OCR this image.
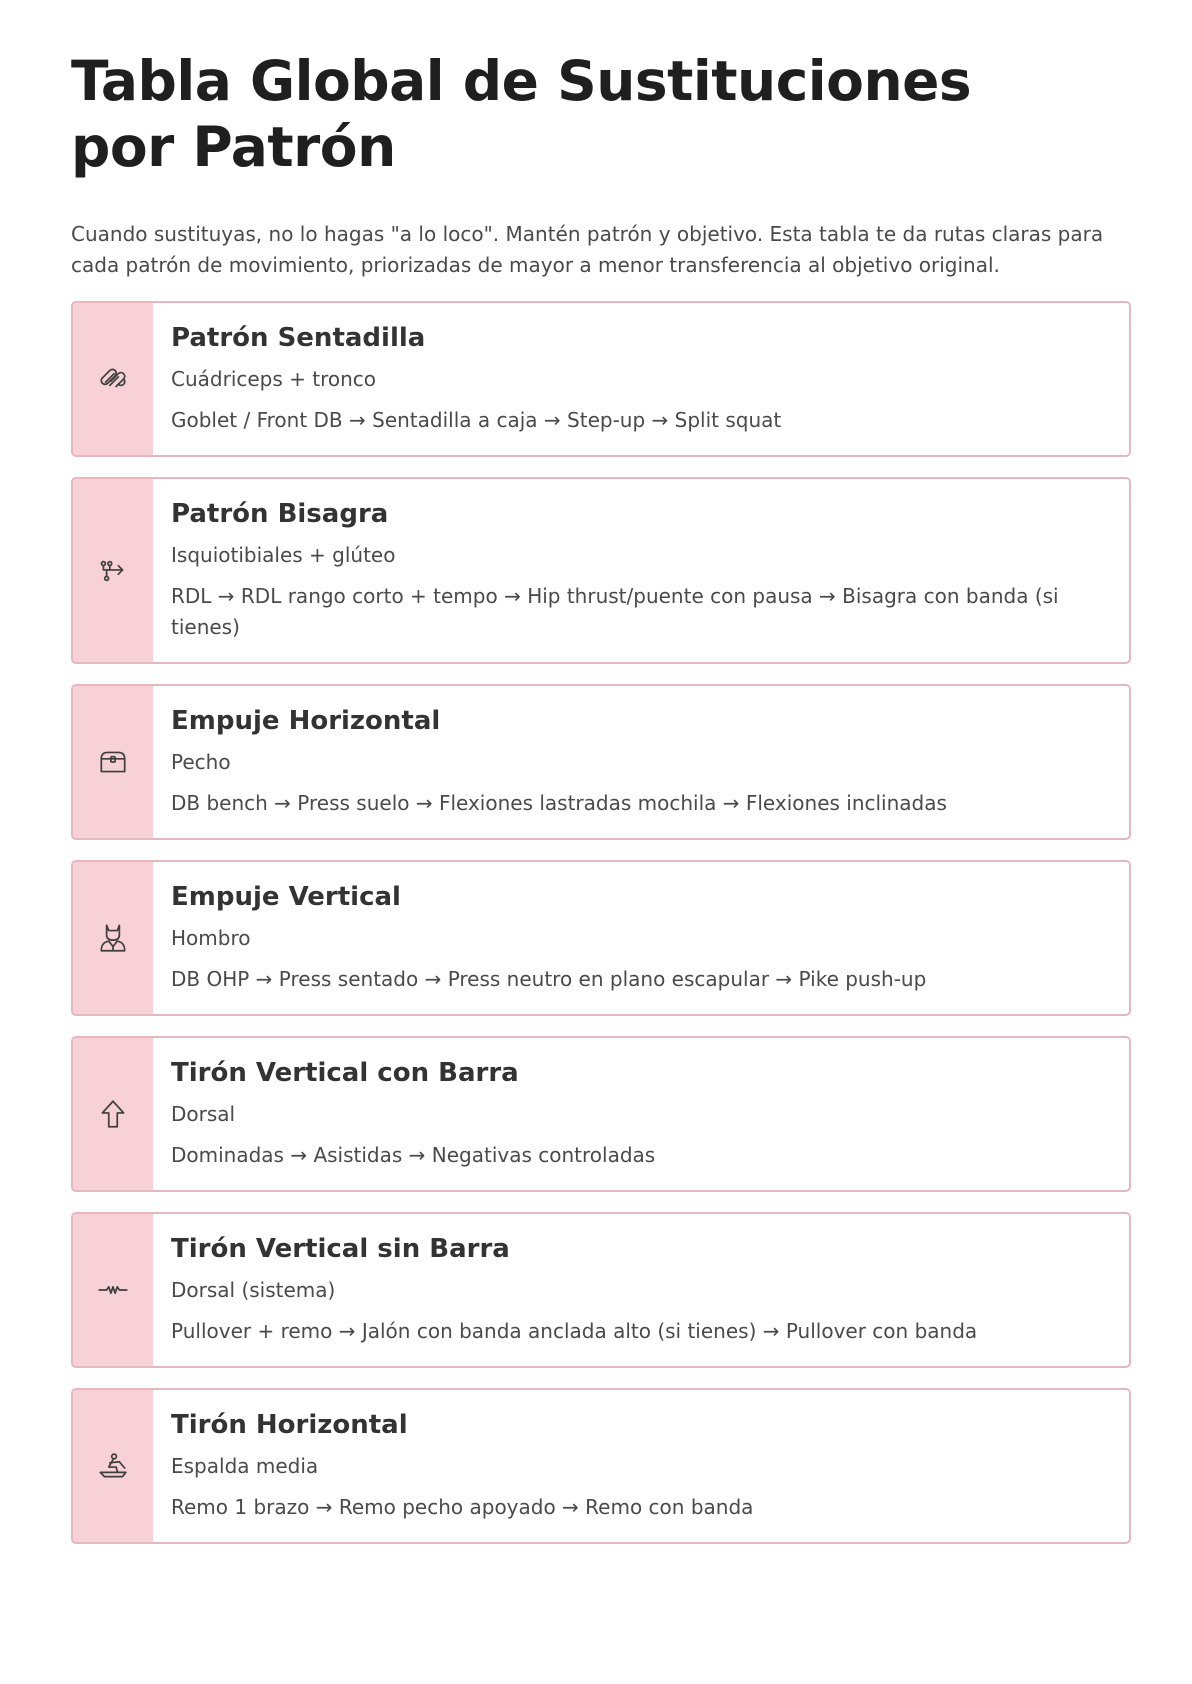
Tabla Global de Sustituciones por Patrón

Cuando sustituyas, no lo hagas "a lo loco". Mantén patrón y objetivo. Esta tabla te da rutas claras para cada patrón de movimiento, priorizadas de mayor a menor transferencia al objetivo original.

Patrón Sentadilla
Cuádriceps + tronco
Goblet / Front DB → Sentadilla a caja → Step-up → Split squat
Patrón Bisagra
Isquiotibiales + glúteo
RDL → RDL rango corto + tempo → Hip thrust/puente con pausa → Bisagra con banda (si tienes)
Empuje Horizontal
Pecho
DB bench → Press suelo → Flexiones lastradas mochila → Flexiones inclinadas
Empuje Vertical
Hombro
DB OHP → Press sentado → Press neutro en plano escapular → Pike push-up
Tirón Vertical con Barra
Dorsal
Dominadas → Asistidas → Negativas controladas
Tirón Vertical sin Barra
Dorsal (sistema)
Pullover + remo → Jalón con banda anclada alto (si tienes) → Pullover con banda
Tirón Horizontal
Espalda media
Remo 1 brazo → Remo pecho apoyado → Remo con banda
